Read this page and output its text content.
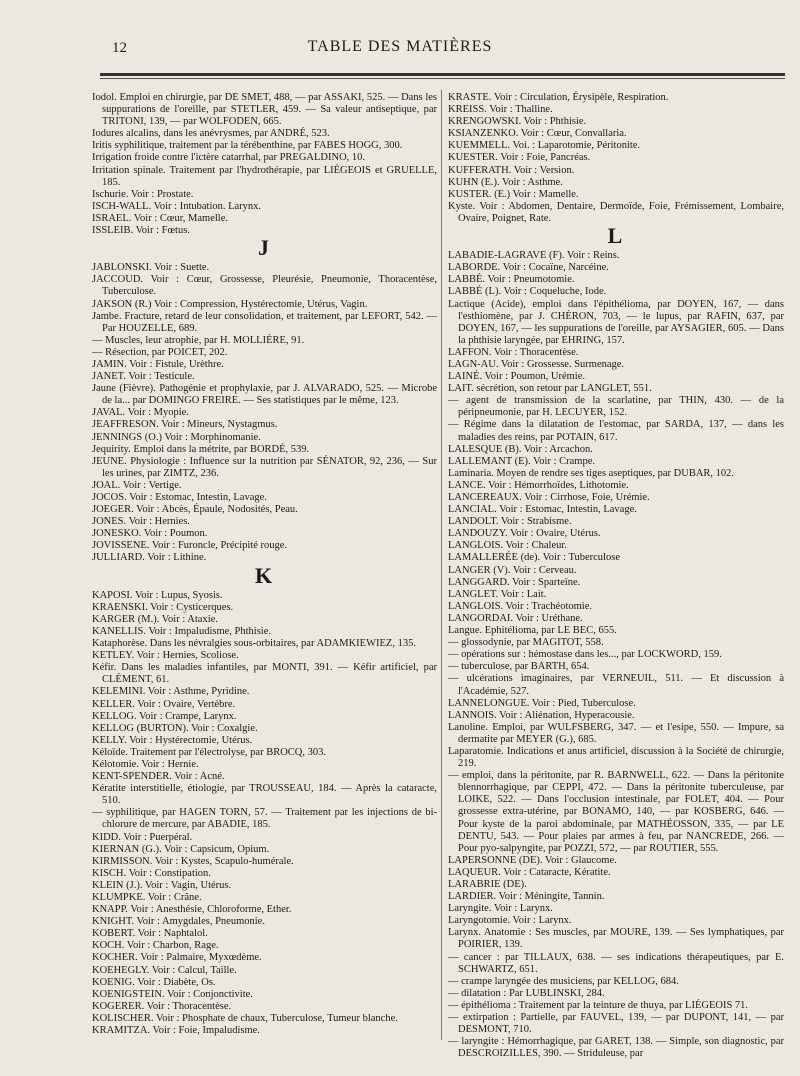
12	TABLE DES MATIÈRES

Iodol. Emploi en chirurgie, par DE SMET, 488, — par ASSAKI, 525. — Dans les suppurations de l'oreille, par STETLER, 459. — Sa valeur antiseptique, par TRITONI, 139, — par WOLFODEN, 665.

Iodures alcalins, dans les anévrysmes, par ANDRÉ, 523.

Iritis syphilitique, traitement par la térébenthine, par FABES HOGG, 300.

Irrigation froide contre l'ictère catarrhal, par PREGALDINO, 10.

Irritation spinale. Traitement par l'hydrothérapie, par LIÉGEOIS et GRUELLE, 185.

Ischurie. Voir : Prostate.

ISCH-WALL. Voir : Intubation. Larynx.

ISRAEL. Voir : Cœur, Mamelle.

ISSLEIB. Voir : Fœtus.

J

JABLONSKI. Voir : Suette.

JACCOUD. Voir : Cœur, Grossesse, Pleurésie, Pneumonie, Thoracentèse, Tuberculose.

JAKSON (R.) Voir : Compression, Hystérectomie, Utérus, Vagin.

Jambe. Fracture, retard de leur consolidation, et traitement, par LEFORT, 542. — Par HOUZELLE, 689.

— Muscles, leur atrophie, par H. MOLLIÈRE, 91.

— Résection, par POICET, 202.

JAMIN. Voir : Fistule, Urèthre.

JANET. Voir : Testicule.

Jaune (Fièvre). Pathogénie et prophylaxie, par J. ALVARADO, 525. — Microbe de la... par DOMINGO FREIRE. — Ses statistiques par le même, 123.

JAVAL. Voir : Myopie.

JEAFFRESON. Voir : Mineurs, Nystagmus.

JENNINGS (O.) Voir : Morphinomanie.

Jequirity. Emploi dans la métrite, par BORDÉ, 539.

JEUNE. Physiologie : Influence sur la nutrition par SÉNATOR, 92, 236, — Sur les urines, par ZIMTZ, 236.

JOAL. Voir : Vertige.

JOCOS. Voir : Estomac, Intestin, Lavage.

JOEGER. Voir : Abcès, Épaule, Nodosités, Peau.

JONES. Voir : Hernies.

JONESKO. Voir : Poumon.

JOVISSENE. Voir : Furoncle, Précipité rouge.

JULLIARD. Voir : Lithine.

K

KAPOSI. Voir : Lupus, Syosis.

KRAENSKI. Voir : Cysticerques.

KARGER (M.). Voir : Ataxie.

KANELLIS. Voir : Impaludisme, Phthisie.

Kataphorèse. Dans les névralgies sous-orbitaires, par ADAMKIEWIEZ, 135.

KETLEY. Voir : Hernies, Scoliose.

Kéfir. Dans les maladies infantiles, par MONTI, 391. — Kéfir artificiel, par CLÉMENT, 61.

KELEMINI. Voir : Asthme, Pyridine.

KELLER. Voir : Ovaire, Vertèbre.

KELLOG. Voir : Crampe, Larynx.

KELLOG (BURTON). Voir : Coxalgie.

KELLY. Voir : Hystérectomie, Utérus.

Kéloïde. Traitement par l'électrolyse, par BROCQ, 303.

Kélotomie. Voir : Hernie.

KENT-SPENDER. Voir : Acné.

Kératite interstitielle, étiologie, par TROUSSEAU, 184. — Après la cataracte, 510.

— syphilitique, par HAGEN TORN, 57. — Traitement par les injections de bi-chlorure de mercure, par ABADIE, 185.

KIDD. Voir : Puerpéral.

KIERNAN (G.). Voir : Capsicum, Opium.

KIRMISSON. Voir : Kystes, Scapulo-humérale.

KISCH. Voir : Constipation.

KLEIN (J.). Voir : Vagin, Utérus.

KLUMPKE. Voir : Crâne.

KNAPP. Voir : Anesthésie, Chloroforme, Ether.

KNIGHT. Voir : Amygdales, Pneumonie.

KOBERT. Voir : Naphtalol.

KOCH. Voir : Charbon, Rage.

KOCHER. Voir : Palmaire, Myxœdème.

KOEHEGLY. Voir : Calcul, Taille.

KOENIG. Voir : Diabète, Os.

KOENIGSTEIN. Voir : Conjonctivite.

KOGERER. Voir : Thoracentèse.

KOLISCHER. Voir : Phosphate de chaux, Tuberculose, Tumeur blanche.

KRAMITZA. Voir : Foie, Impaludisme.

KRASTE. Voir : Circulation, Érysipèle, Respiration.

KREISS. Voir : Thalline.

KRENGOWSKI. Voir : Phthisie.

KSIANZENKO. Voir : Cœur, Convallaria.

KUEMMELL. Voi. : Laparotomie, Péritonite.

KUESTER. Voir : Foie, Pancréas.

KUFFERATH. Voir : Version.

KUHN (E.). Voir : Asthme.

KUSTER. (E.) Voir : Mamelle.

Kyste. Voir : Abdomen, Dentaire, Dermoïde, Foie, Frémissement, Lombaire, Ovaire, Poignet, Rate.

L

LABADIE-LAGRAVE (F). Voir : Reins.

LABORDE. Voir : Cocaïne, Narcéine.

LABBÉ. Voir : Pneumotomie.

LABBÉ (L). Voir : Coqueluche, Iode.

Lactique (Acide), emploi dans l'épithélioma, par DOYEN, 167, — dans l'esthiomène, par J. CHÉRON, 703, — le lupus, par RAFIN, 637, par DOYEN, 167, — les suppurations de l'oreille, par AYSAGIER, 605. — Dans la phthisie laryngée, par EHRING, 157.

LAFFON. Voir : Thoracentèse.

LAGN-AU. Voir : Grossesse. Surmenage.

LAINÉ. Voir : Poumon, Urémie.

LAIT. sécrétion, son retour par LANGLET, 551.

— agent de transmission de la scarlatine, par THIN, 430. — de la péripneumonie, par H. LECUYER, 152.

— Régime dans la dilatation de l'estomac, par SARDA, 137, — dans les maladies des reins, par POTAIN, 617.

LALESQUE (B). Voir : Arcachon.

LALLEMANT (E). Voir : Crampe.

Laminaria. Moyen de rendre ses tiges aseptiques, par DUBAR, 102.

LANCE. Voir : Hémorrhoïdes, Lithotomie.

LANCEREAUX. Voir : Cirrhose, Foie, Urémie.

LANCIAL. Voir : Estomac, Intestin, Lavage.

LANDOLT. Voir : Strabisme.

LANDOUZY. Voir : Ovaire, Utérus.

LANGLOIS. Voir : Chaleur.

LAMALLERÉE (de). Voir : Tuberculose

LANGER (V). Voir : Cerveau.

LANGGARD. Voir : Sparteïne.

LANGLET. Voir : Lait.

LANGLOIS. Voir : Trachéotomie.

LANGORDAI. Voir : Uréthane.

Langue. Ephitélioma, par LE BEC, 655.

— glossodynie, par MAGITOT, 558.

— opérations sur : hémostase dans les..., par LOCKWORD, 159.

— tuberculose, par BARTH, 654.

— ulcérations imaginaires, par VERNEUIL, 511. — Et discussion à l'Académie, 527.

LANNELONGUE. Voir : Pied, Tuberculose.

LANNOIS. Voir : Aliénation, Hyperacousie.

Lanoline. Emploi, par WULFSBERG, 347. — et l'esipe, 550. — Impure, sa dermatite par MEYER (G.), 685.

Laparatomie. Indications et anus artificiel, discussion à la Société de chirurgie, 219.

— emploi, dans la péritonite, par R. BARNWELL, 622. — Dans la péritonite blennorrhagique, par CEPPI, 472. — Dans la péritonite tuberculeuse, par LOIKE, 522. — Dans l'occlusion intestinale, par FOLET, 404. — Pour grossesse extra-utérine, par BONAMO, 140, — par KOSBERG, 646. — Pour kyste de la paroi abdominale, par MATHÉOSSON, 335, — par LE DENTU, 543. — Pour plaies par armes à feu, par NANCREDE, 266. — Pour pyo-salpyngite, par POZZI, 572, — par ROUTIER, 555.

LAPERSONNE (DE). Voir : Glaucome.

LAQUEUR. Voir : Cataracte, Kératite.

LARABRIE (DE).

LARDIER. Voir : Méningite, Tannin.

Laryngite. Voir : Larynx.

Laryngotomie. Voir : Larynx.

Larynx. Anatomie : Ses muscles, par MOURE, 139. — Ses lymphatiques, par POIRIER, 139.

— cancer : par TILLAUX, 638. — ses indications thérapeutiques, par E. SCHWARTZ, 651.

— crampe laryngée des musiciens, par KELLOG, 684.

— dilatation : Par LUBLINSKI, 284.

— épithélioma : Traitement par la teinture de thuya, par LIÉGEOIS 71.

— extirpation : Partielle, par FAUVEL, 139, — par DUPONT, 141, — par DESMONT, 710.

— laryngite : Hémorrhagique, par GARET, 138. — Simple, son diagnostic, par DESCROIZILLES, 390. — Striduleuse, par
